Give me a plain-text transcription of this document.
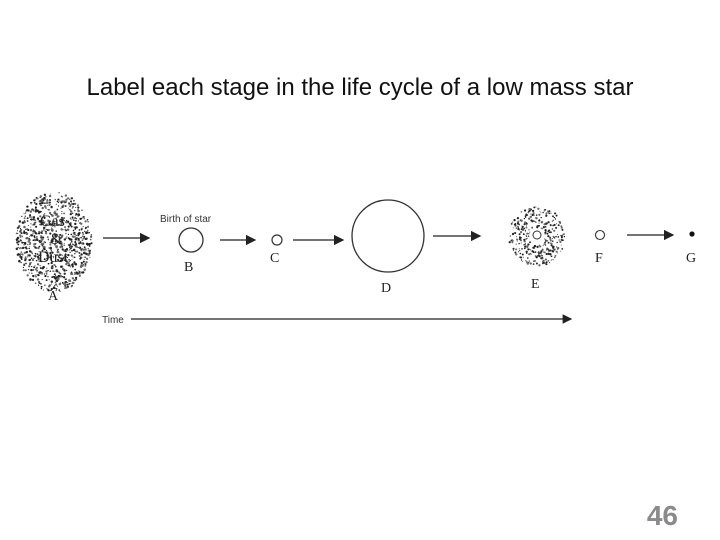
Label each stage in the life cycle of a low mass star
Gas
&
Dust
A
Birth of star
B
C
D	E
F	G
Time
46
